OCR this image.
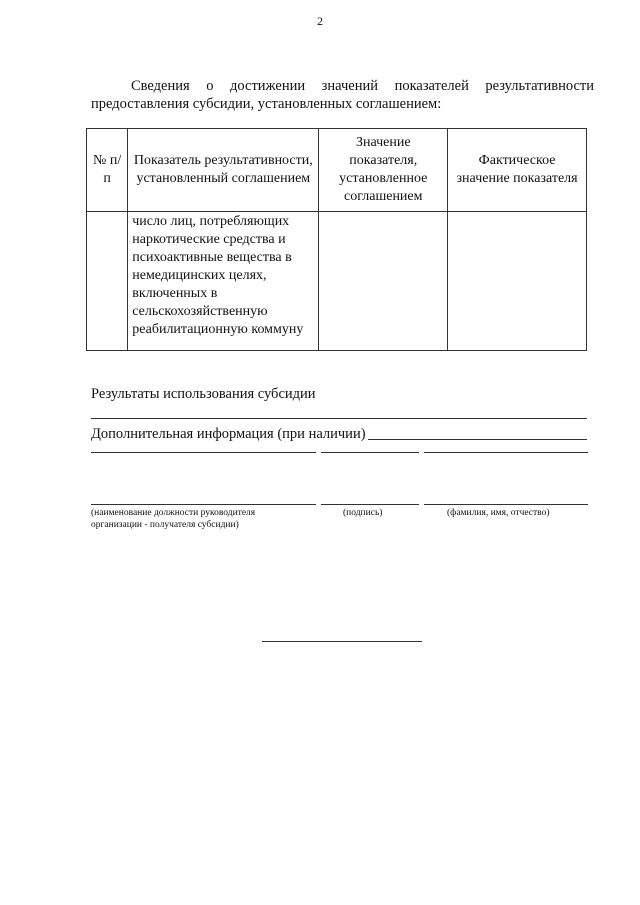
2
Сведения о достижении значений показателей результативности
предоставления субсидии, установленных соглашением:
№ п/п	Показатель результативности, установленный соглашением	Значение показателя, установленное соглашением	Фактическое значение показателя

	число лиц, потребляющих наркотические средства и психоактивные вещества в немедицинских целях, включенных в сельскохозяйственную реабилитационную коммуну		

Результаты использования субсидии
Дополнительная информация (при наличии)
(наименование должности руководителя организации - получателя субсидии)
(подпись)	(фамилия, имя, отчество)
